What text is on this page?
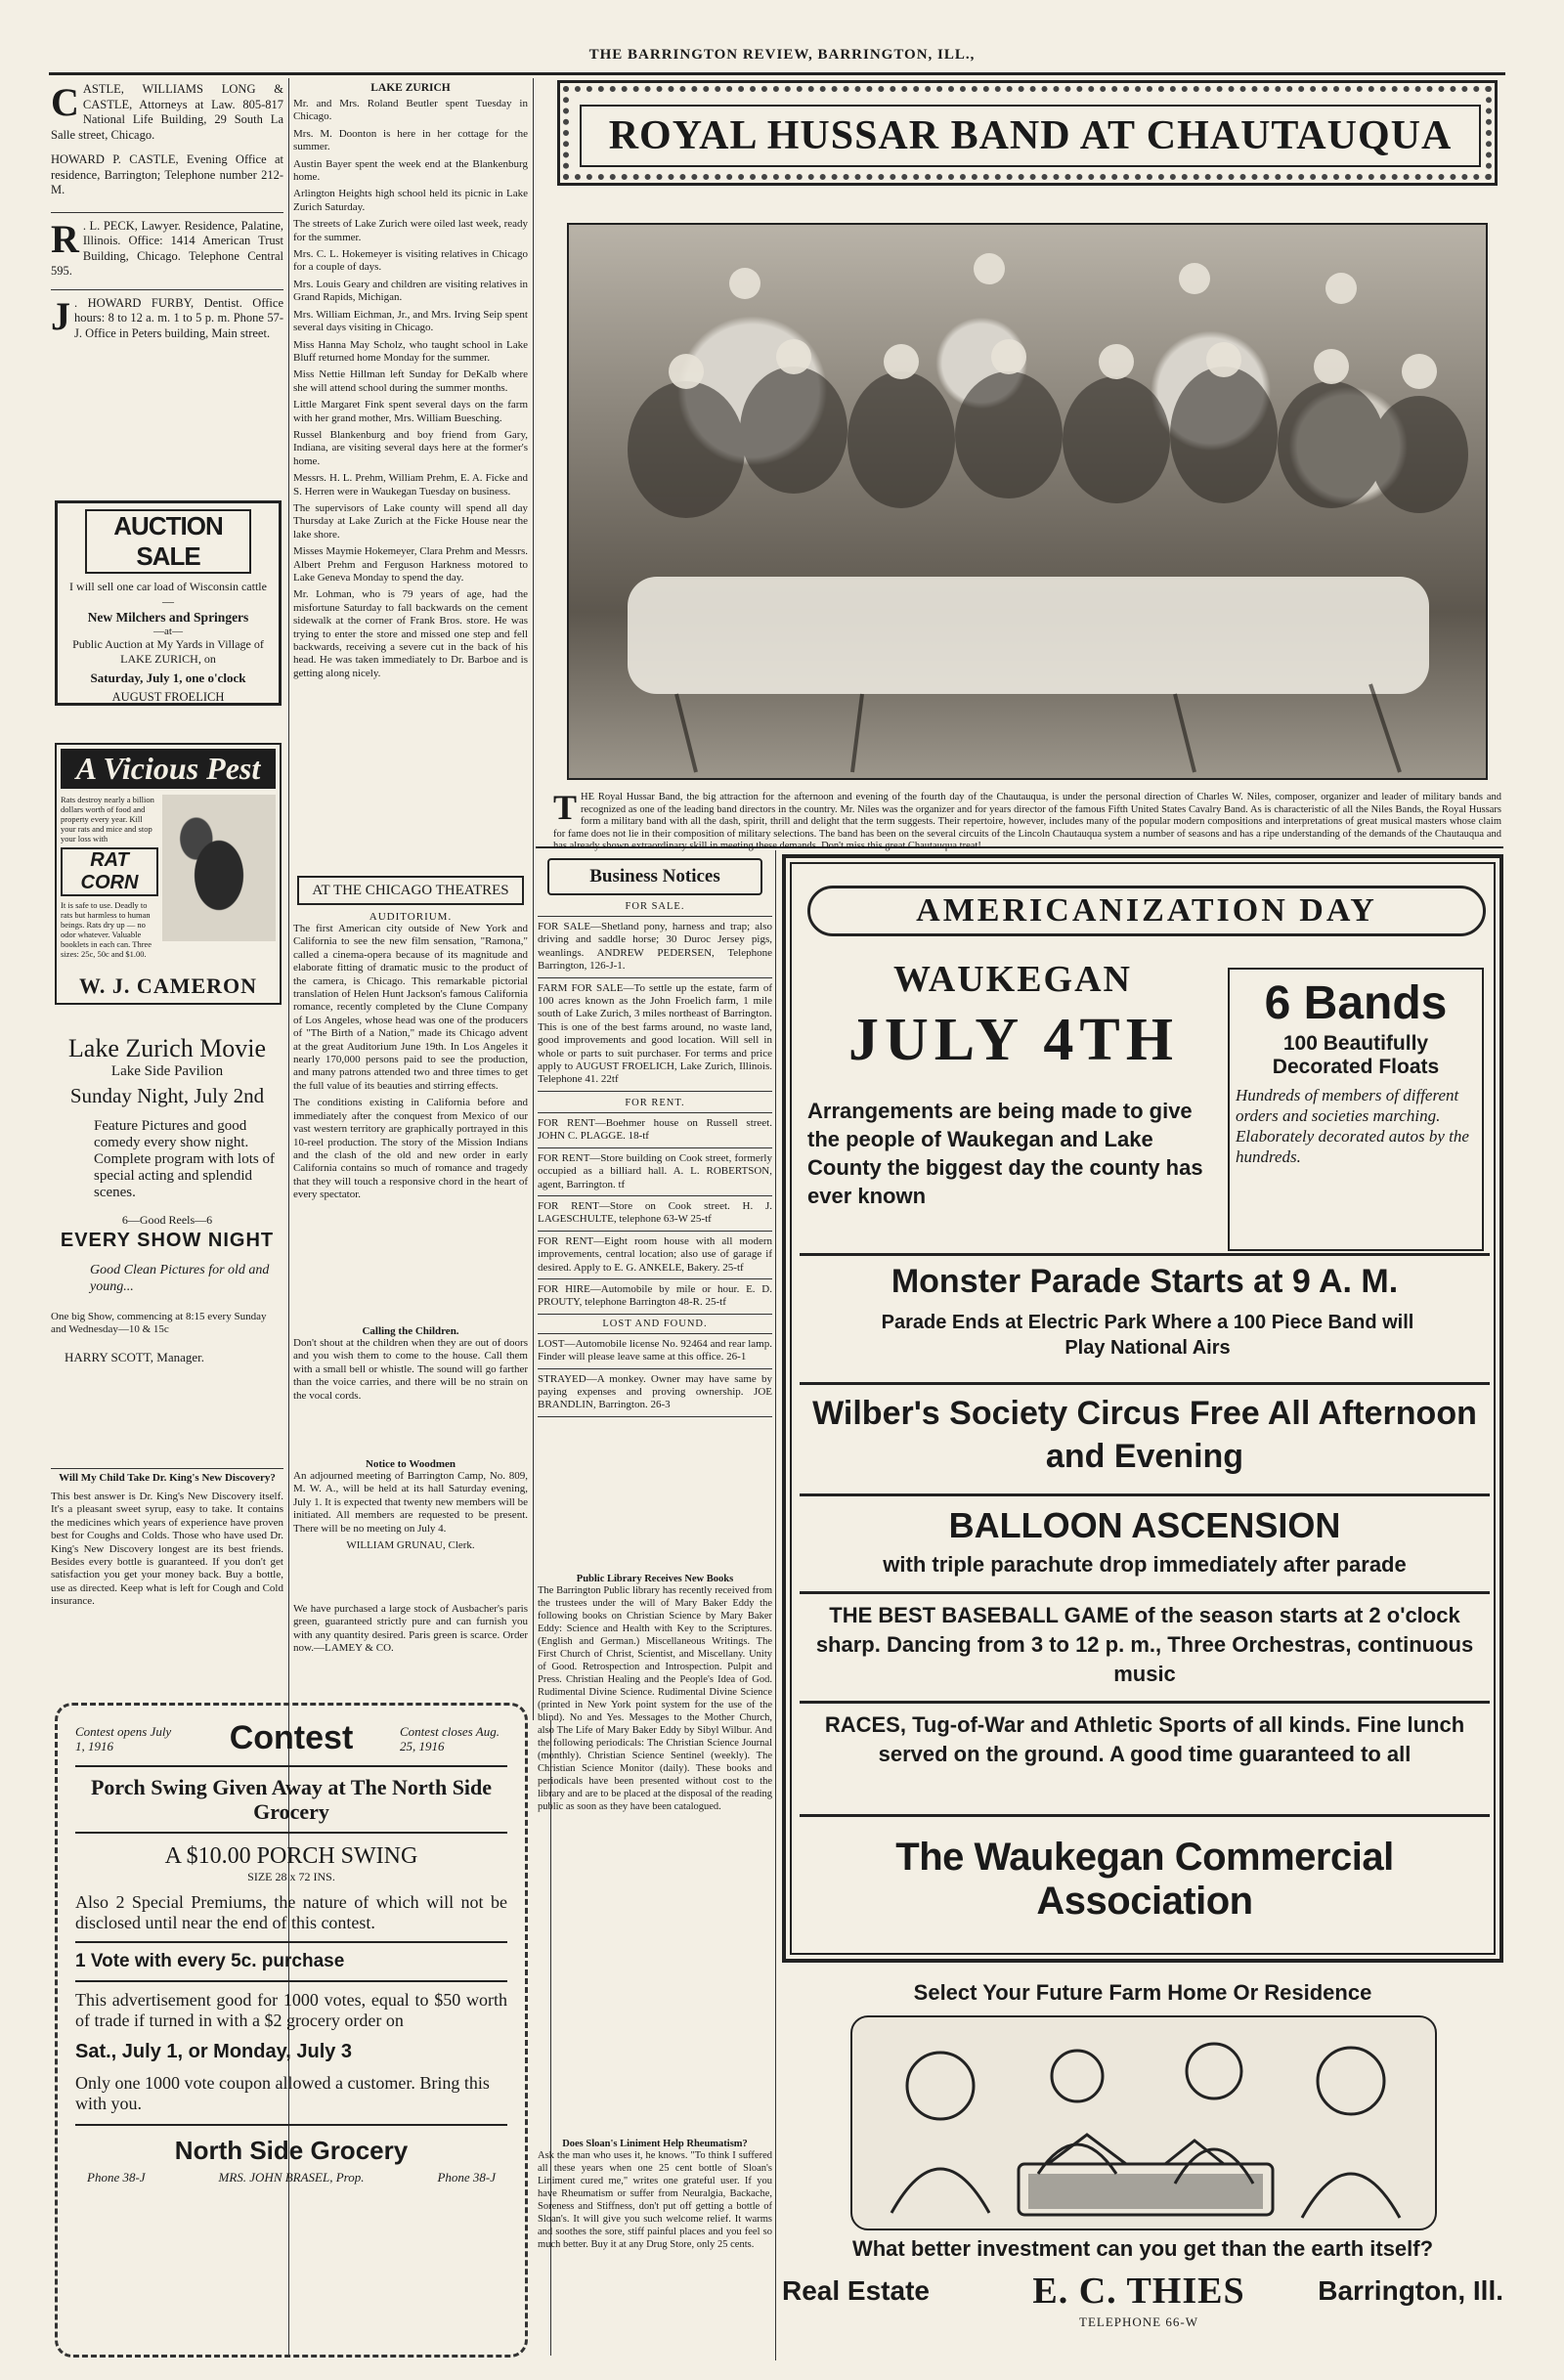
THE BARRINGTON REVIEW, BARRINGTON, ILL.,
CASTLE, WILLIAMS LONG & CASTLE, Attorneys at Law. 805-817 National Life Building, 29 South La Salle street, Chicago.
HOWARD P. CASTLE, Evening Office at residence, Barrington; Telephone number 212-M.
R . L. PECK, Lawyer. Residence, Palatine, Illinois. Office: 1414 American Trust Building, Chicago. Telephone Central 595.
J . HOWARD FURBY, Dentist. Office hours: 8 to 12 a. m. 1 to 5 p. m. Phone 57-J. Office in Peters building, Main street.
AUCTION SALE
I will sell one car load of Wisconsin cattle—
New Milchers and Springers
—at—
Public Auction at My Yards in Village of LAKE ZURICH, on
Saturday, July 1, one o'clock
AUGUST FROELICH
A Vicious Pest
Rats destroy nearly a billion dollars worth of food and property every year. Kill your rats and mice and stop your loss with
RAT CORN
It is safe to use. Deadly to rats but harmless to human beings. Rats dry up — no odor whatever. Valuable booklets in each can. Three sizes: 25c, 50c and $1.00.
W. J. CAMERON
Lake Zurich Movie
Lake Side Pavilion
Sunday Night, July 2nd
Feature Pictures and good comedy every show night. Complete program with lots of special acting and splendid scenes.
6—Good Reels—6
EVERY SHOW NIGHT
Good Clean Pictures for old and young...
One big Show, commencing at 8:15 every Sunday and Wednesday—10 & 15c
HARRY SCOTT, Manager.
Will My Child Take Dr. King's New Discovery?
This best answer is Dr. King's New Discovery itself. It's a pleasant sweet syrup, easy to take. It contains the medicines which years of experience have proven best for Coughs and Colds. Those who have used Dr. King's New Discovery longest are its best friends. Besides every bottle is guaranteed. If you don't get satisfaction you get your money back. Buy a bottle, use as directed. Keep what is left for Cough and Cold insurance.
LAKE ZURICH
Mr. and Mrs. Roland Beutler spent Tuesday in Chicago.
Mrs. M. Doonton is here in her cottage for the summer.
Austin Bayer spent the week end at the Blankenburg home.
Arlington Heights high school held its picnic in Lake Zurich Saturday.
The streets of Lake Zurich were oiled last week, ready for the summer.
Mrs. C. L. Hokemeyer is visiting relatives in Chicago for a couple of days.
Mrs. Louis Geary and children are visiting relatives in Grand Rapids, Michigan.
Mrs. William Eichman, Jr., and Mrs. Irving Seip spent several days visiting in Chicago.
Miss Hanna May Scholz, who taught school in Lake Bluff returned home Monday for the summer.
Miss Nettie Hillman left Sunday for DeKalb where she will attend school during the summer months.
Little Margaret Fink spent several days on the farm with her grand mother, Mrs. William Buesching.
Russel Blankenburg and boy friend from Gary, Indiana, are visiting several days here at the former's home.
Messrs. H. L. Prehm, William Prehm, E. A. Ficke and S. Herren were in Waukegan Tuesday on business.
The supervisors of Lake county will spend all day Thursday at Lake Zurich at the Ficke House near the lake shore.
Misses Maymie Hokemeyer, Clara Prehm and Messrs. Albert Prehm and Ferguson Harkness motored to Lake Geneva Monday to spend the day.
Mr. Lohman, who is 79 years of age, had the misfortune Saturday to fall backwards on the cement sidewalk at the corner of Frank Bros. store. He was trying to enter the store and missed one step and fell backwards, receiving a severe cut in the back of his head. He was taken immediately to Dr. Barboe and is getting along nicely.
AT THE CHICAGO THEATRES
AUDITORIUM.
The first American city outside of New York and California to see the new film sensation, "Ramona," called a cinema-opera because of its magnitude and elaborate fitting of dramatic music to the product of the camera, is Chicago. This remarkable pictorial translation of Helen Hunt Jackson's famous California romance, recently completed by the Clune Company of Los Angeles, whose head was one of the producers of "The Birth of a Nation," made its Chicago advent at the great Auditorium June 19th. In Los Angeles it nearly 170,000 persons paid to see the production, and many patrons attended two and three times to get the full value of its beauties and stirring effects.
The conditions existing in California before and immediately after the conquest from Mexico of our vast western territory are graphically portrayed in this 10-reel production. The story of the Mission Indians and the clash of the old and new order in early California contains so much of romance and tragedy that they will touch a responsive chord in the heart of every spectator.
Calling the Children.
Don't shout at the children when they are out of doors and you wish them to come to the house. Call them with a small bell or whistle. The sound will go farther than the voice carries, and there will be no strain on the vocal cords.
Notice to Woodmen
An adjourned meeting of Barrington Camp, No. 809, M. W. A., will be held at its hall Saturday evening, July 1. It is expected that twenty new members will be initiated. All members are requested to be present. There will be no meeting on July 4.
WILLIAM GRUNAU, Clerk.
We have purchased a large stock of Ausbacher's paris green, guaranteed strictly pure and can furnish you with any quantity desired. Paris green is scarce. Order now.—LAMEY & CO.
Contest opens July 1, 1916	Contest	Contest closes Aug. 25, 1916
Porch Swing Given Away at The North Side Grocery
A $10.00 PORCH SWING
SIZE 28 x 72 INS.
Also 2 Special Premiums, the nature of which will not be disclosed until near the end of this contest.
1 Vote with every 5c. purchase
This advertisement good for 1000 votes, equal to $50 worth of trade if turned in with a $2 grocery order on
Sat., July 1, or Monday, July 3
Only one 1000 vote coupon allowed a customer. Bring this with you.
North Side Grocery
Phone 38-J	MRS. JOHN BRASEL, Prop.	Phone 38-J
ROYAL HUSSAR BAND AT CHAUTAUQUA
THE Royal Hussar Band, the big attraction for the afternoon and evening of the fourth day of the Chautauqua, is under the personal direction of Charles W. Niles, composer, organizer and leader of military bands and recognized as one of the leading band directors in the country. Mr. Niles was the organizer and for years director of the famous Fifth United States Cavalry Band. As is characteristic of all the Niles Bands, the Royal Hussars form a military band with all the dash, spirit, thrill and delight that the term suggests. Their repertoire, however, includes many of the popular modern compositions and interpretations of great musical masters whose claim for fame does not lie in their composition of military selections. The band has been on the several circuits of the Lincoln Chautauqua system a number of seasons and has a ripe understanding of the demands of the Chautauqua and has already shown extraordinary skill in meeting these demands. Don't miss this great Chautauqua treat!
Business Notices
FOR SALE.
FOR SALE—Shetland pony, harness and trap; also driving and saddle horse; 30 Duroc Jersey pigs, weanlings. ANDREW PEDERSEN, Telephone Barrington, 126-J-1.
FARM FOR SALE—To settle up the estate, farm of 100 acres known as the John Froelich farm, 1 mile south of Lake Zurich, 3 miles northeast of Barrington. This is one of the best farms around, no waste land, good improvements and good location. Will sell in whole or parts to suit purchaser. For terms and price apply to AUGUST FROELICH, Lake Zurich, Illinois. Telephone 41. 22tf
FOR RENT.
FOR RENT—Boehmer house on Russell street. JOHN C. PLAGGE. 18-tf
FOR RENT—Store building on Cook street, formerly occupied as a billiard hall. A. L. ROBERTSON, agent, Barrington. tf
FOR RENT—Store on Cook street. H. J. LAGESCHULTE, telephone 63-W 25-tf
FOR RENT—Eight room house with all modern improvements, central location; also use of garage if desired. Apply to E. G. ANKELE, Bakery. 25-tf
FOR HIRE—Automobile by mile or hour. E. D. PROUTY, telephone Barrington 48-R. 25-tf
LOST AND FOUND.
LOST—Automobile license No. 92464 and rear lamp. Finder will please leave same at this office. 26-1
STRAYED—A monkey. Owner may have same by paying expenses and proving ownership. JOE BRANDLIN, Barrington. 26-3
Public Library Receives New Books
The Barrington Public library has recently received from the trustees under the will of Mary Baker Eddy the following books on Christian Science by Mary Baker Eddy: Science and Health with Key to the Scriptures. (English and German.) Miscellaneous Writings. The First Church of Christ, Scientist, and Miscellany. Unity of Good. Retrospection and Introspection. Pulpit and Press. Christian Healing and the People's Idea of God. Rudimental Divine Science. Rudimental Divine Science (printed in New York point system for the use of the blind). No and Yes. Messages to the Mother Church, also The Life of Mary Baker Eddy by Sibyl Wilbur. And the following periodicals: The Christian Science Journal (monthly). Christian Science Sentinel (weekly). The Christian Science Monitor (daily). These books and periodicals have been presented without cost to the library and are to be placed at the disposal of the reading public as soon as they have been catalogued.
Does Sloan's Liniment Help Rheumatism?
Ask the man who uses it, he knows. "To think I suffered all these years when one 25 cent bottle of Sloan's Liniment cured me," writes one grateful user. If you have Rheumatism or suffer from Neuralgia, Backache, Soreness and Stiffness, don't put off getting a bottle of Sloan's. It will give you such welcome relief. It warms and soothes the sore, stiff painful places and you feel so much better. Buy it at any Drug Store, only 25 cents.
AMERICANIZATION DAY
WAUKEGAN
JULY 4TH
Arrangements are being made to give the people of Waukegan and Lake County the biggest day the county has ever known
6 Bands
100 Beautifully Decorated Floats
Hundreds of members of different orders and societies marching. Elaborately decorated autos by the hundreds.
Monster Parade Starts at 9 A. M.
Parade Ends at Electric Park Where a 100 Piece Band will Play National Airs
Wilber's Society Circus Free All Afternoon and Evening
BALLOON ASCENSION
with triple parachute drop immediately after parade
THE BEST BASEBALL GAME of the season starts at 2 o'clock sharp. Dancing from 3 to 12 p. m., Three Orchestras, continuous music
RACES, Tug-of-War and Athletic Sports of all kinds. Fine lunch served on the ground. A good time guaranteed to all
The Waukegan Commercial Association
Select Your Future Farm Home Or Residence
What better investment can you get than the earth itself?
Real Estate	E. C. THIES	Barrington, Ill.
TELEPHONE 66-W
